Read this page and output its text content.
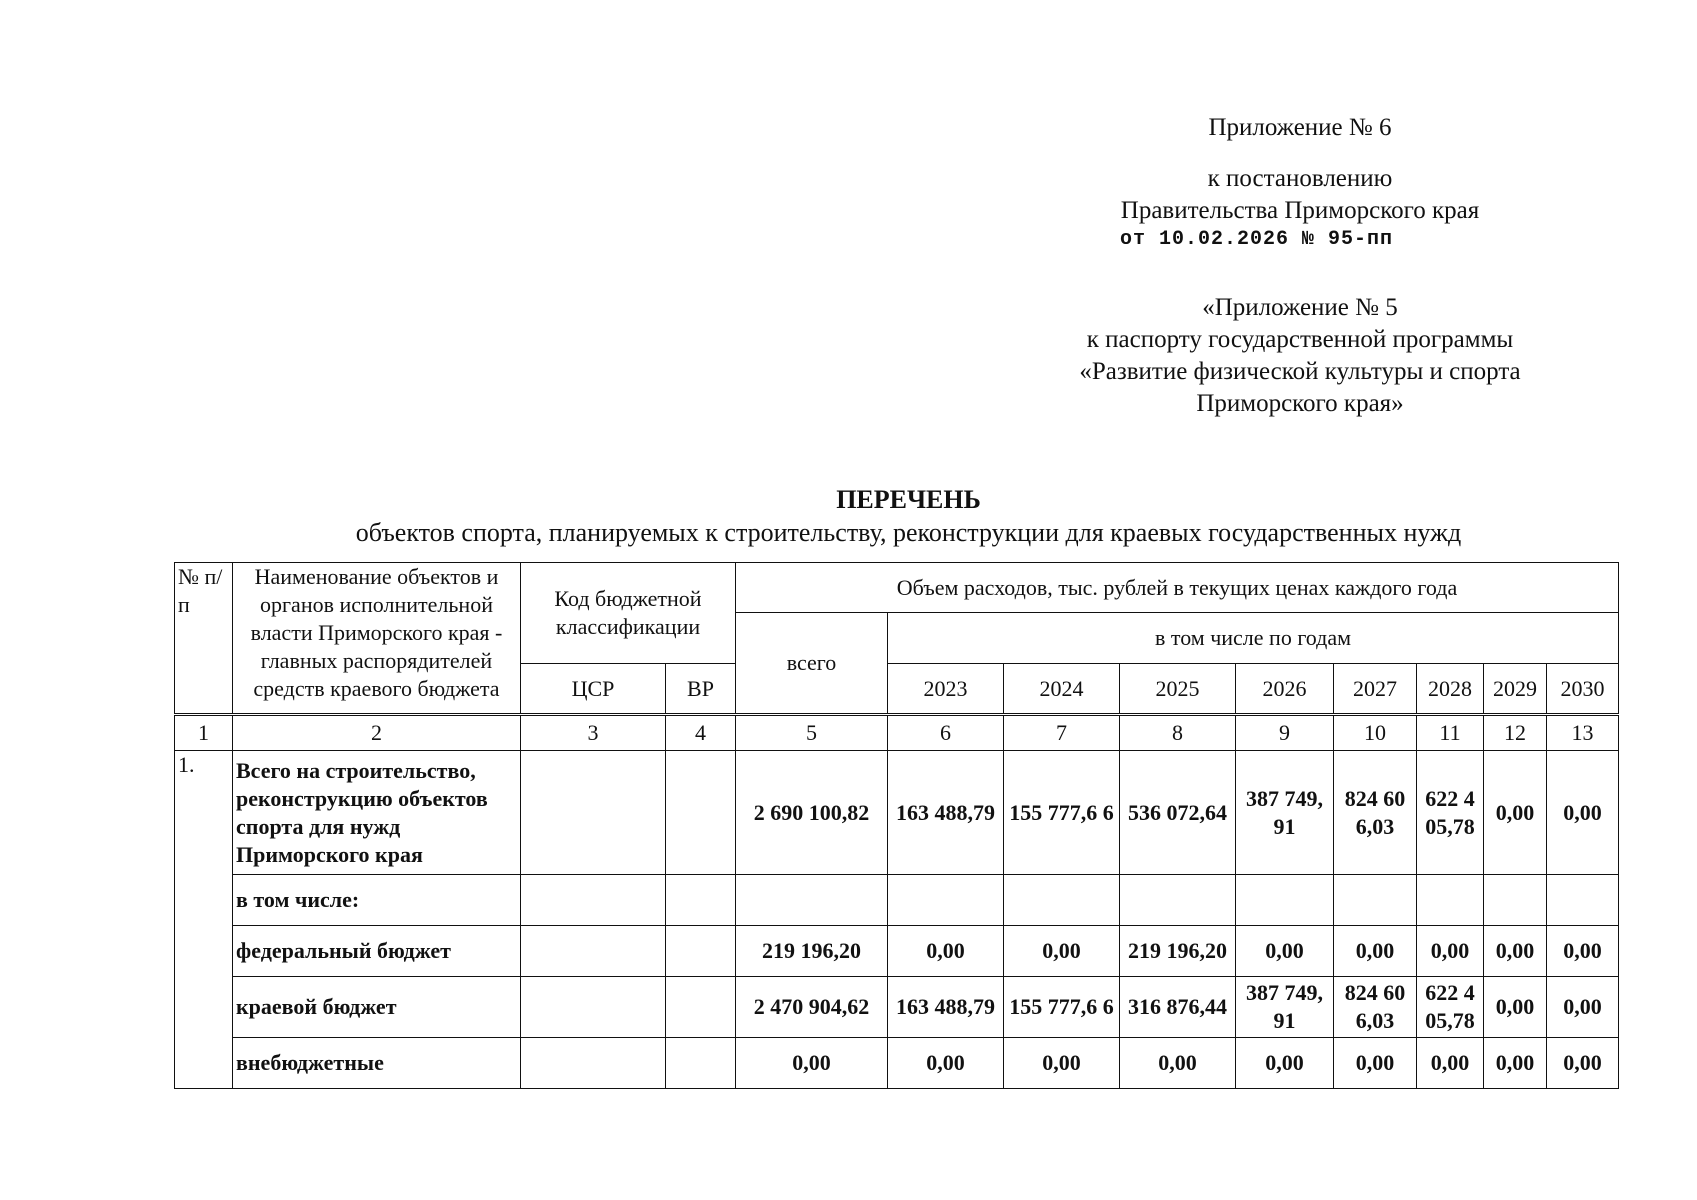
Приложение № 6
к постановлению
Правительства Приморского края
от 10.02.2026 № 95-пп
«Приложение № 5
к паспорту государственной программы
«Развитие физической культуры и спорта
Приморского края»
ПЕРЕЧЕНЬ
объектов спорта, планируемых к строительству, реконструкции для краевых государственных нужд
№ п/п	Наименование объектов и органов исполнительной власти Приморского края - главных распорядителей средств краевого бюджета	Код бюджетной классификации		Объем расходов, тыс. рублей в текущих ценах каждого года								
				всего	в том числе по годам							
		ЦСР	ВР		2023	2024	2025	2026	2027	2028	2029	2030
1	2	3	4	5	6	7	8	9	10	11	12	13
1.	Всего на строительство, реконструкцию объектов спорта для нужд Приморского края			2 690 100,82	163 488,79	155 777,6 6	536 072,64	387 749, 91	824 60 6,03	622 4 05,78	0,00	0,00
	в том числе:											
	федеральный бюджет			219 196,20	0,00	0,00	219 196,20	0,00	0,00	0,00	0,00	0,00
	краевой бюджет			2 470 904,62	163 488,79	155 777,6 6	316 876,44	387 749, 91	824 60 6,03	622 4 05,78	0,00	0,00
	внебюджетные			0,00	0,00	0,00	0,00	0,00	0,00	0,00	0,00	0,00
